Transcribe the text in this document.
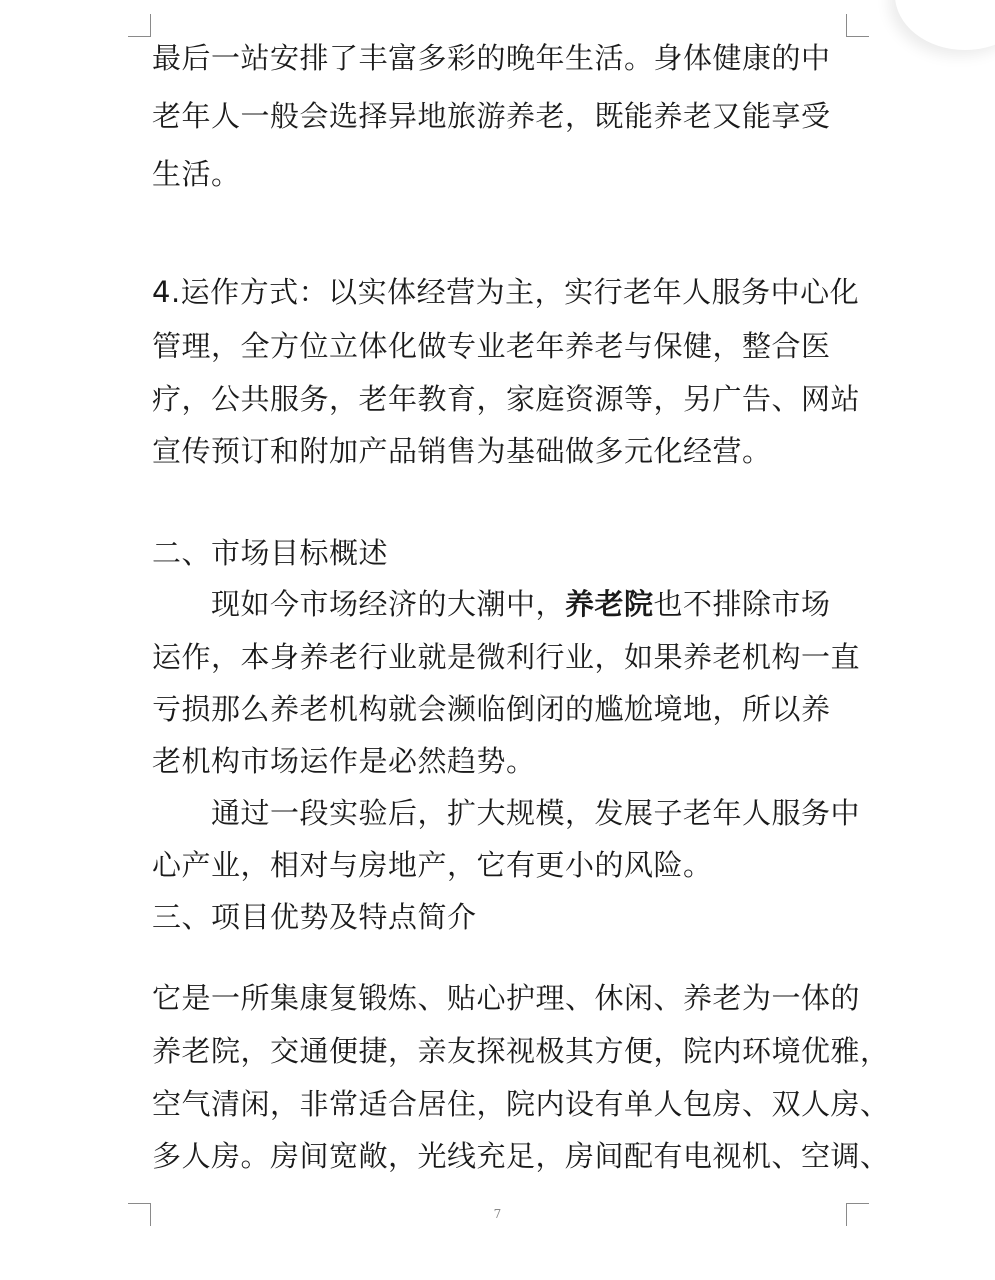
最后一站安排了丰富多彩的晚年生活。身体健康的中
老年人一般会选择异地旅游养老，既能养老又能享受
生活。
4.运作方式：以实体经营为主，实行老年人服务中心化
管理，全方位立体化做专业老年养老与保健，整合医
疗，公共服务，老年教育，家庭资源等，另广告、网站
宣传预订和附加产品销售为基础做多元化经营。
二、市场目标概述
现如今市场经济的大潮中，养老院也不排除市场
运作，本身养老行业就是微利行业，如果养老机构一直
亏损那么养老机构就会濒临倒闭的尴尬境地，所以养
老机构市场运作是必然趋势。
通过一段实验后，扩大规模，发展子老年人服务中
心产业，相对与房地产，它有更小的风险。
三、项目优势及特点简介
它是一所集康复锻炼、贴心护理、休闲、养老为一体的
养老院，交通便捷，亲友探视极其方便，院内环境优雅，
空气清闲，非常适合居住，院内设有单人包房、双人房、
多人房。房间宽敞，光线充足，房间配有电视机、空调、
7
